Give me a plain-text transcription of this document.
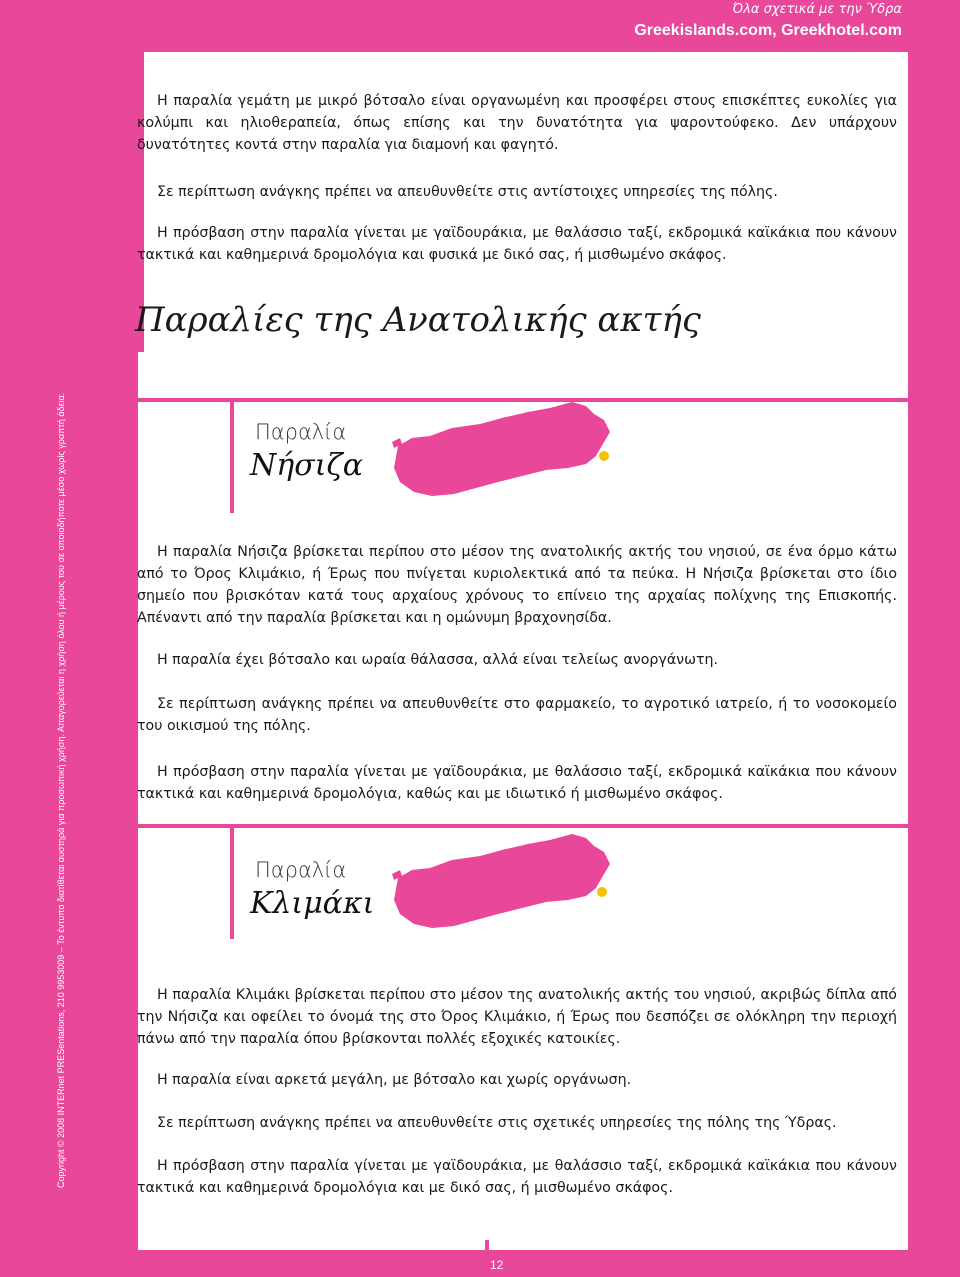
Όλα σχετικά με την Ύδρα
Greekislands.com, Greekhotel.com
Copyright © 2008 INTERnet PRESentations, 210 9953009 – Το έντυπο διατίθεται αυστηρά για προσωπική χρήση. Απαγορεύεται η χρήση όλου ή μέρους του σε οποιοδήποτε μέσο χωρίς γραπτή άδεια.

Η παραλία γεμάτη με μικρό βότσαλο είναι οργανωμένη και προσφέρει στους επισκέπτες ευκολίες για κολύμπι και ηλιοθεραπεία, όπως επίσης και την δυνατότητα για ψαροντούφεκο. Δεν υπάρχουν δυνατότητες κοντά στην παραλία για διαμονή και φαγητό.

Σε περίπτωση ανάγκης πρέπει να απευθυνθείτε στις αντίστοιχες υπηρεσίες της πόλης.

Η πρόσβαση στην παραλία γίνεται με γαϊδουράκια, με θαλάσσιο ταξί, εκδρομικά καϊκάκια που κάνουν τακτικά και καθημερινά δρομολόγια και φυσικά με δικό σας, ή μισθωμένο σκάφος.

Παραλίες της Ανατολικής ακτής
Παραλία
Νήσιζα

Η παραλία Νήσιζα βρίσκεται περίπου στο μέσον της ανατολικής ακτής του νησιού, σε ένα όρμο κάτω από το Όρος Κλιμάκιο, ή Έρως που πνίγεται κυριολεκτικά από τα πεύκα. Η Νήσιζα βρίσκεται στο ίδιο σημείο που βρισκόταν κατά τους αρχαίους χρόνους το επίνειο της αρχαίας πολίχνης της Επισκοπής. Απέναντι από την παραλία βρίσκεται και η ομώνυμη βραχονησίδα.

Η παραλία έχει βότσαλο και ωραία θάλασσα, αλλά είναι τελείως ανοργάνωτη.

Σε περίπτωση ανάγκης πρέπει να απευθυνθείτε στο φαρμακείο, το αγροτικό ιατρείο, ή το νοσοκομείο του οικισμού της πόλης.

Η πρόσβαση στην παραλία γίνεται με γαϊδουράκια, με θαλάσσιο ταξί, εκδρομικά καϊκάκια που κάνουν τακτικά και καθημερινά δρομολόγια, καθώς και με ιδιωτικό ή μισθωμένο σκάφος.

Παραλία
Κλιμάκι

Η παραλία Κλιμάκι βρίσκεται περίπου στο μέσον της ανατολικής ακτής του νησιού, ακριβώς δίπλα από την Νήσιζα και οφείλει το όνομά της στο Όρος Κλιμάκιο, ή Έρως που δεσπόζει σε ολόκληρη την περιοχή πάνω από την παραλία όπου βρίσκονται πολλές εξοχικές κατοικίες.

Η παραλία είναι αρκετά μεγάλη, με βότσαλο και χωρίς οργάνωση.

Σε περίπτωση ανάγκης πρέπει να απευθυνθείτε στις σχετικές υπηρεσίες της πόλης της Ύδρας.

Η πρόσβαση στην παραλία γίνεται με γαϊδουράκια, με θαλάσσιο ταξί, εκδρομικά καϊκάκια που κάνουν τακτικά και καθημερινά δρομολόγια και με δικό σας, ή μισθωμένο σκάφος.

12
